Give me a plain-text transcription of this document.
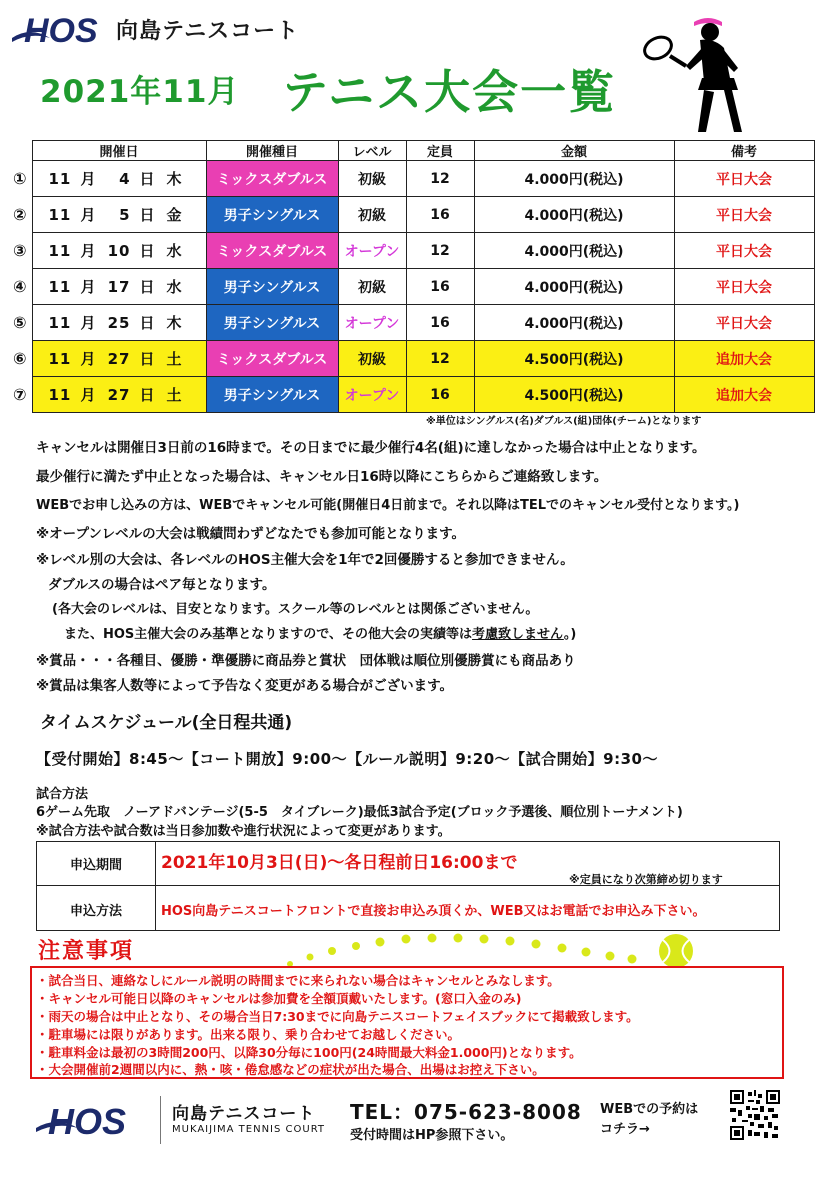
HOS 向島テニスコート
2021年11月 テニス大会一覧
	開催日	開催種目	レベル	定員	金額	備考
①	11 月 4 日 木	ミックスダブルス	初級	12	4.000円(税込)	平日大会
②	11 月 5 日 金	男子シングルス	初級	16	4.000円(税込)	平日大会
③	11 月 10 日 水	ミックスダブルス	オープン	12	4.000円(税込)	平日大会
④	11 月 17 日 水	男子シングルス	初級	16	4.000円(税込)	平日大会
⑤	11 月 25 日 木	男子シングルス	オープン	16	4.000円(税込)	平日大会
⑥	11 月 27 日 土	ミックスダブルス	初級	12	4.500円(税込)	追加大会
⑦	11 月 27 日 土	男子シングルス	オープン	16	4.500円(税込)	追加大会
※単位はシングルス(名)ダブルス(組)団体(チーム)となります
キャンセルは開催日3日前の16時まで。その日までに最少催行4名(組)に達しなかった場合は中止となります。
最少催行に満たず中止となった場合は、キャンセル日16時以降にこちらからご連絡致します。
WEBでお申し込みの方は、WEBでキャンセル可能(開催日4日前まで。それ以降はTELでのキャンセル受付となります。)
※オープンレベルの大会は戦績問わずどなたでも参加可能となります。
※レベル別の大会は、各レベルのHOS主催大会を1年で2回優勝すると参加できません。
ダブルスの場合はペア毎となります。
(各大会のレベルは、目安となります。スクール等のレベルとは関係ございません。
また、HOS主催大会のみ基準となりますので、その他大会の実績等は考慮致しません。)
※賞品・・・各種目、優勝・準優勝に商品券と賞状　団体戦は順位別優勝賞にも商品あり
※賞品は集客人数等によって予告なく変更がある場合がございます。
タイムスケジュール(全日程共通)
【受付開始】8:45～【コート開放】9:00～【ルール説明】9:20～【試合開始】9:30～
試合方法
6ゲーム先取　ノーアドバンテージ(5-5　タイブレーク)最低3試合予定(ブロック予選後、順位別トーナメント)
※試合方法や試合数は当日参加数や進行状況によって変更があります。
申込期間	2021年10月3日(日)～各日程前日16:00まで
※定員になり次第締め切ります
申込方法	HOS向島テニスコートフロントで直接お申込み頂くか、WEB又はお電話でお申込み下さい。
注意事項
・試合当日、連絡なしにルール説明の時間までに来られない場合はキャンセルとみなします。
・キャンセル可能日以降のキャンセルは参加費を全額頂戴いたします。(窓口入金のみ)
・雨天の場合は中止となり、その場合当日7:30までに向島テニスコートフェイスブックにて掲載致します。
・駐車場には限りがあります。出来る限り、乗り合わせてお越しください。
・駐車料金は最初の3時間200円、以降30分毎に100円(24時間最大料金1.000円)となります。
・大会開催前2週間以内に、熱・咳・倦怠感などの症状が出た場合、出場はお控え下さい。
HOS	向島テニスコート
MUKAIJIMA TENNIS COURT
TEL：075-623-8008
受付時間はHP参照下さい。
WEBでの予約は
コチラ→
